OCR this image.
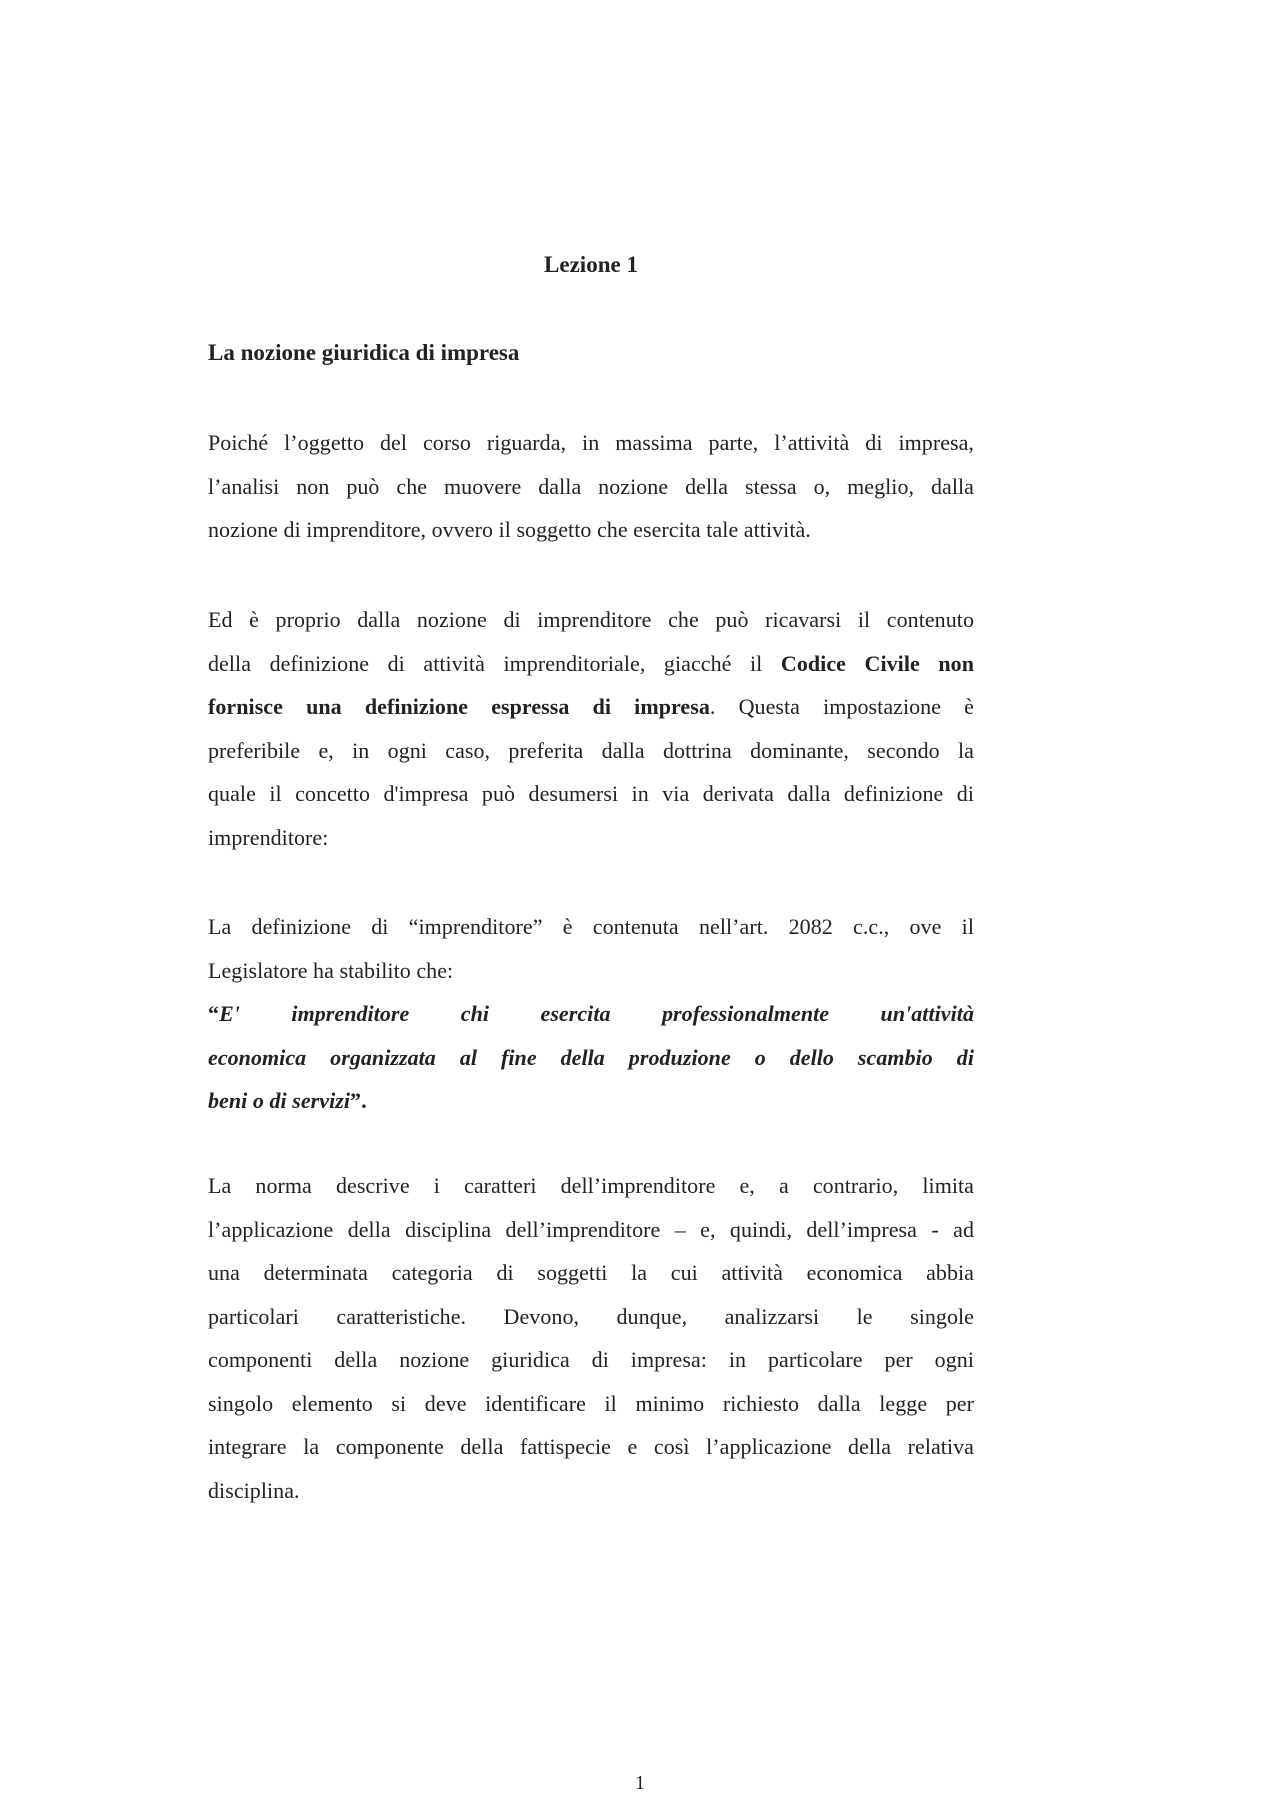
Lezione 1
La nozione giuridica di impresa

Poiché l’oggetto del corso riguarda, in massima parte, l’attività di impresa,
l’analisi non può che muovere dalla nozione della stessa o, meglio, dalla
nozione di imprenditore, ovvero il soggetto che esercita tale attività.

Ed è proprio dalla nozione di imprenditore che può ricavarsi il contenuto
della definizione di attività imprenditoriale, giacché il Codice Civile non
fornisce una definizione espressa di impresa. Questa impostazione è
preferibile e, in ogni caso, preferita dalla dottrina dominante, secondo la
quale il concetto d'impresa può desumersi in via derivata dalla definizione di
imprenditore:

La definizione di “imprenditore” è contenuta nell’art. 2082 c.c., ove il
Legislatore ha stabilito che:
“E' imprenditore chi esercita professionalmente un'attività
economica organizzata al fine della produzione o dello scambio di
beni o di servizi”.

La norma descrive i caratteri dell’imprenditore e, a contrario, limita
l’applicazione della disciplina dell’imprenditore – e, quindi, dell’impresa - ad
una determinata categoria di soggetti la cui attività economica abbia
particolari caratteristiche. Devono, dunque, analizzarsi le singole
componenti della nozione giuridica di impresa: in particolare per ogni
singolo elemento si deve identificare il minimo richiesto dalla legge per
integrare la componente della fattispecie e così l’applicazione della relativa
disciplina.

1
